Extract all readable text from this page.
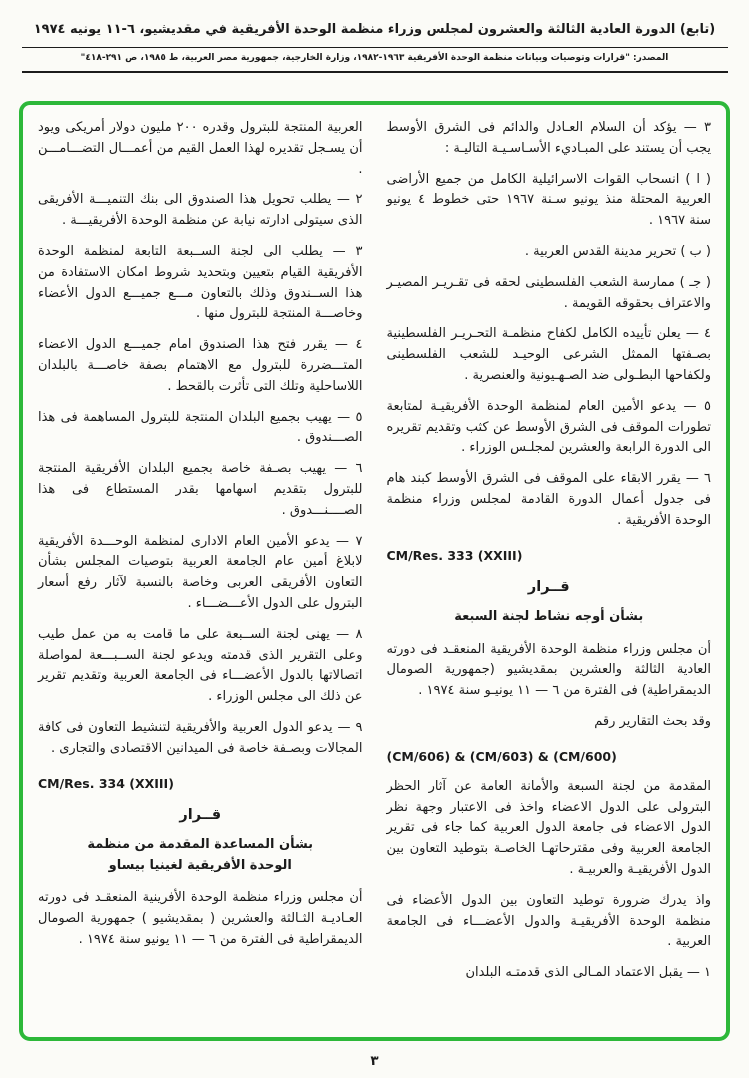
(تابع) الدورة العادية الثالثة والعشرون لمجلس وزراء منظمة الوحدة الأفريقية في مقديشيو، ٦-١١ يونيه ١٩٧٤
المصدر: "قرارات وتوصيات وبيانات منظمة الوحدة الأفريقية ١٩٦٣-١٩٨٢، وزارة الخارجية، جمهورية مصر العربية، ط ١٩٨٥، ص ٢٩١-٤١٨"
٣ — يؤكد أن السلام العـادل والدائم فى الشرق الأوسط يجب أن يستند على المبـاديء الأسـاسـيـة التاليـة :
( ا ) انسحاب القوات الاسرائيلية الكامل من جميع الأراضى العربية المحتلة منذ يونيو سـنة ١٩٦٧ حتى خطوط ٤ يونيو سنة ١٩٦٧ .
( ب ) تحرير مدينة القدس العربية .
( جـ ) ممارسة الشعب الفلسطينى لحقه فى تقـريـر المصيـر والاعتراف بحقوقه القويمة .
٤ — يعلن تأييده الكامل لكفاح منظمـة التحـريـر الفلسطينية بصـفتها الممثل الشرعى الوحيـد للشعب الفلسطينى ولكفاحها البطـولى ضد الصـهـيونية والعنصرية .
٥ — يدعو الأمين العام لمنظمة الوحدة الأفريقيـة لمتابعة تطورات الموقف فى الشرق الأوسط عن كثب وتقديم تقريره الى الدورة الرابعة والعشرين لمجلـس الوزراء .
٦ — يقرر الابقاء على الموقف فى الشرق الأوسط كبند هام فى جدول أعمال الدورة القادمة لمجلس وزراء منظمة الوحدة الأفريقية .
CM/Res. 333 (XXIII)
قــرار
بشأن أوجه نشاط لجنة السبعة
أن مجلس وزراء منظمة الوحدة الأفريقية المنعقـد فى دورته العادية الثالثة والعشرين بمقديشيو (جمهورية الصومال الديمقراطية) فى الفترة من ٦ — ١١ يونيـو سنة ١٩٧٤ .
وقد بحث التقارير رقم
(CM/606) & (CM/603) & (CM/600)
المقدمة من لجنة السبعة والأمانة العامة عن آثار الحظر البترولى على الدول الاعضاء واخذ فى الاعتبار وجهة نظر الدول الاعضاء فى جامعة الدول العربية كما جاء فى تقرير الجامعة العربية وفى مقترحاتهـا الخاصـة بتوطيد التعاون بين الدول الأفريقيـة والعربيـة .
واذ يدرك ضرورة توطيد التعاون بين الدول الأعضاء فى منظمة الوحدة الأفريقيـة والدول الأعضـــاء فى الجامعة العربية .
١ — يقبل الاعتماد المـالى الذى قدمتـه البلدان
العربية المنتجة للبترول وقدره ٢٠٠ مليون دولار أمريكى ويود أن يسـجل تقديره لهذا العمل القيم من أعمـــال التضـــامـــن .
٢ — يطلب تحويل هذا الصندوق الى بنك التنميـــة الأفريقى الذى سيتولى ادارته نيابة عن منظمة الوحدة الأفريقيـــة .
٣ — يطلب الى لجنة الســبعة التابعة لمنظمة الوحدة الأفريقية القيام بتعيين وبتحديد شروط امكان الاستفادة من هذا الســندوق وذلك بالتعاون مـــع جميـــع الدول الأعضاء وخاصـــة المنتجة للبترول منها .
٤ — يقرر فتح هذا الصندوق امام جميـــع الدول الاعضاء المتـــضررة للبترول مع الاهتمام بصفة خاصـــة بالبلدان اللاساحلية وتلك التى تأثرت بالقحط .
٥ — يهيب بجميع البلدان المنتجة للبترول المساهمة فى هذا الصـــندوق .
٦ — يهيب بصـفة خاصة بجميع البلدان الأفريقية المنتجة للبترول بتقديم اسهامها بقدر المستطاع فى هذا الصــــنـــدوق .
٧ — يدعو الأمين العام الادارى لمنظمة الوحـــدة الأفريقية لابلاغ أمين عام الجامعة العربية بتوصيات المجلس بشأن التعاون الأفريقى العربى وخاصة بالنسبة لآثار رفع أسعار البترول على الدول الأعـــضـــاء .
٨ — يهنى لجنة الســبعة على ما قامت به من عمل طيب وعلى التقرير الذى قدمته ويدعو لجنة الســبـــعة لمواصلة اتصالاتها بالدول الأعضـــاء فى الجامعة العربية وتقديم تقرير عن ذلك الى مجلس الوزراء .
٩ — يدعو الدول العربية والأفريقية لتنشيط التعاون فى كافة المجالات وبصـفة خاصة فى الميدانين الاقتصادى والتجارى .
CM/Res. 334 (XXIII)
قــرار
بشأن المساعدة المقدمة من منظمة
الوحدة الأفريقية لغينيا بيساو
أن مجلس وزراء منظمة الوحدة الأفرينية المنعقـد فى دورته العـاديـة الثـالثة والعشرين ( بمقديشيو ) جمهورية الصومال الديمقراطية فى الفترة من ٦ — ١١ يونيو سنة ١٩٧٤ .
٣
